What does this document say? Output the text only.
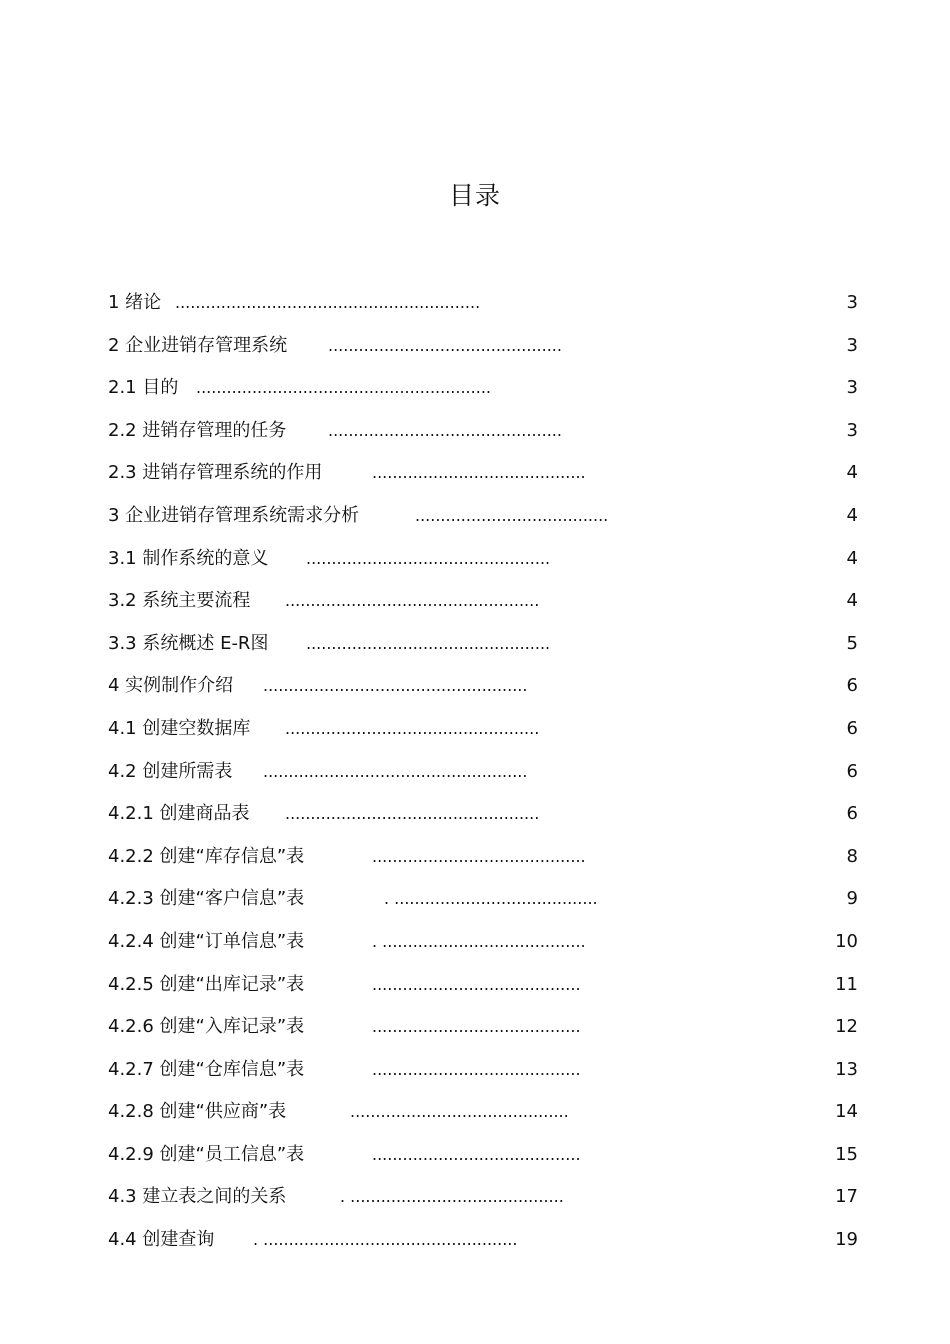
目录
1 绪论 ............................................................	3
2 企业进销存管理系统	..............................................	3
2.1 目的 ..........................................................	3
2.2 进销存管理的任务	..............................................	3
2.3 进销存管理系统的作用	..........................................	4
3 企业进销存管理系统需求分析	......................................	4
3.1 制作系统的意义 ................................................	4
3.2 系统主要流程 ..................................................	4
3.3 系统概述 E-R图 ................................................	5
4 实例制作介绍 ....................................................	6
4.1 创建空数据库 ..................................................	6
4.2 创建所需表 ....................................................	6
4.2.1 创建商品表 ..................................................	6
4.2.2 创建“库存信息”表	..........................................	8
4.2.3 创建“客户信息”表	. ........................................	9
4.2.4 创建“订单信息”表	. ........................................	10
4.2.5 创建“出库记录”表	.........................................	11
4.2.6 创建“入库记录”表	.........................................	12
4.2.7 创建“仓库信息”表	.........................................	13
4.2.8 创建“供应商”表	...........................................	14
4.2.9 创建“员工信息”表	.........................................	15
4.3 建立表之间的关系	. ..........................................	17
4.4 创建查询 . ..................................................	19
